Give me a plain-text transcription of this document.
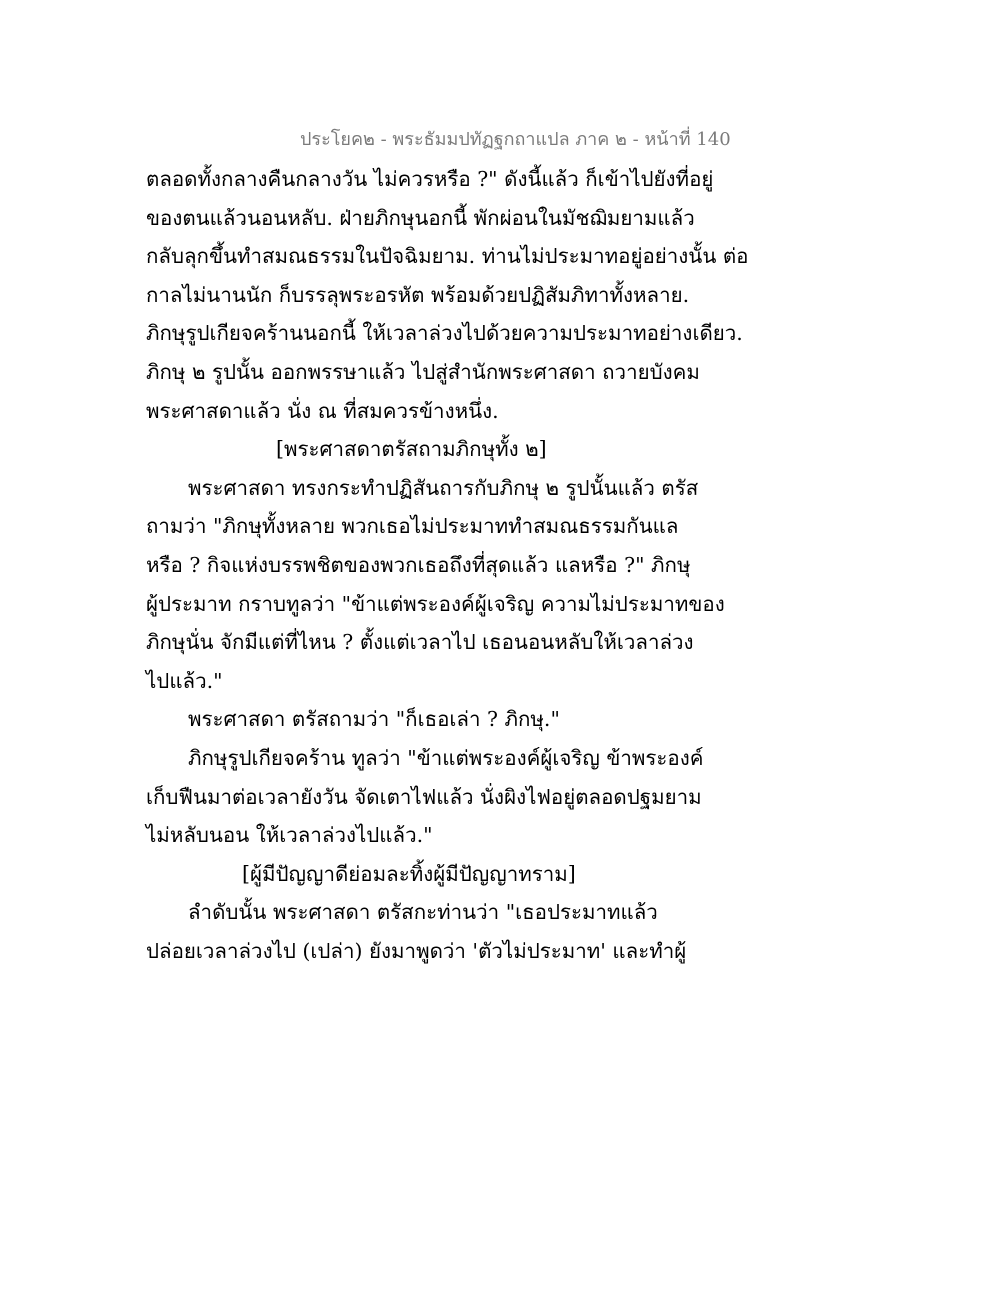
ประโยค๒ - พระธัมมปทัฏฐกถาแปล ภาค ๒ - หน้าที่ 140
ตลอดทั้งกลางคืนกลางวัน ไม่ควรหรือ ?" ดังนี้แล้ว ก็เข้าไปยังที่อยู่
ของตนแล้วนอนหลับ. ฝ่ายภิกษุนอกนี้ พักผ่อนในมัชฌิมยามแล้ว
กลับลุกขึ้นทำสมณธรรมในปัจฉิมยาม. ท่านไม่ประมาทอยู่อย่างนั้น ต่อ
กาลไม่นานนัก ก็บรรลุพระอรหัต พร้อมด้วยปฏิสัมภิทาทั้งหลาย.
ภิกษุรูปเกียจคร้านนอกนี้ ให้เวลาล่วงไปด้วยความประมาทอย่างเดียว.
ภิกษุ ๒ รูปนั้น ออกพรรษาแล้ว ไปสู่สำนักพระศาสดา ถวายบังคม
พระศาสดาแล้ว นั่ง ณ ที่สมควรข้างหนึ่ง.
[พระศาสดาตรัสถามภิกษุทั้ง ๒]
พระศาสดา ทรงกระทำปฏิสันถารกับภิกษุ ๒ รูปนั้นแล้ว ตรัส
ถามว่า "ภิกษุทั้งหลาย พวกเธอไม่ประมาททำสมณธรรมกันแล
หรือ ? กิจแห่งบรรพชิตของพวกเธอถึงที่สุดแล้ว แลหรือ ?" ภิกษุ
ผู้ประมาท กราบทูลว่า "ข้าแต่พระองค์ผู้เจริญ ความไม่ประมาทของ
ภิกษุนั่น จักมีแต่ที่ไหน ? ตั้งแต่เวลาไป เธอนอนหลับให้เวลาล่วง
ไปแล้ว."
พระศาสดา ตรัสถามว่า "ก็เธอเล่า ? ภิกษุ."
ภิกษุรูปเกียจคร้าน ทูลว่า "ข้าแต่พระองค์ผู้เจริญ ข้าพระองค์
เก็บฟืนมาต่อเวลายังวัน จัดเตาไฟแล้ว นั่งผิงไฟอยู่ตลอดปฐมยาม
ไม่หลับนอน ให้เวลาล่วงไปแล้ว."
[ผู้มีปัญญาดีย่อมละทิ้งผู้มีปัญญาทราม]
ลำดับนั้น พระศาสดา ตรัสกะท่านว่า "เธอประมาทแล้ว
ปล่อยเวลาล่วงไป (เปล่า) ยังมาพูดว่า 'ตัวไม่ประมาท' และทำผู้
